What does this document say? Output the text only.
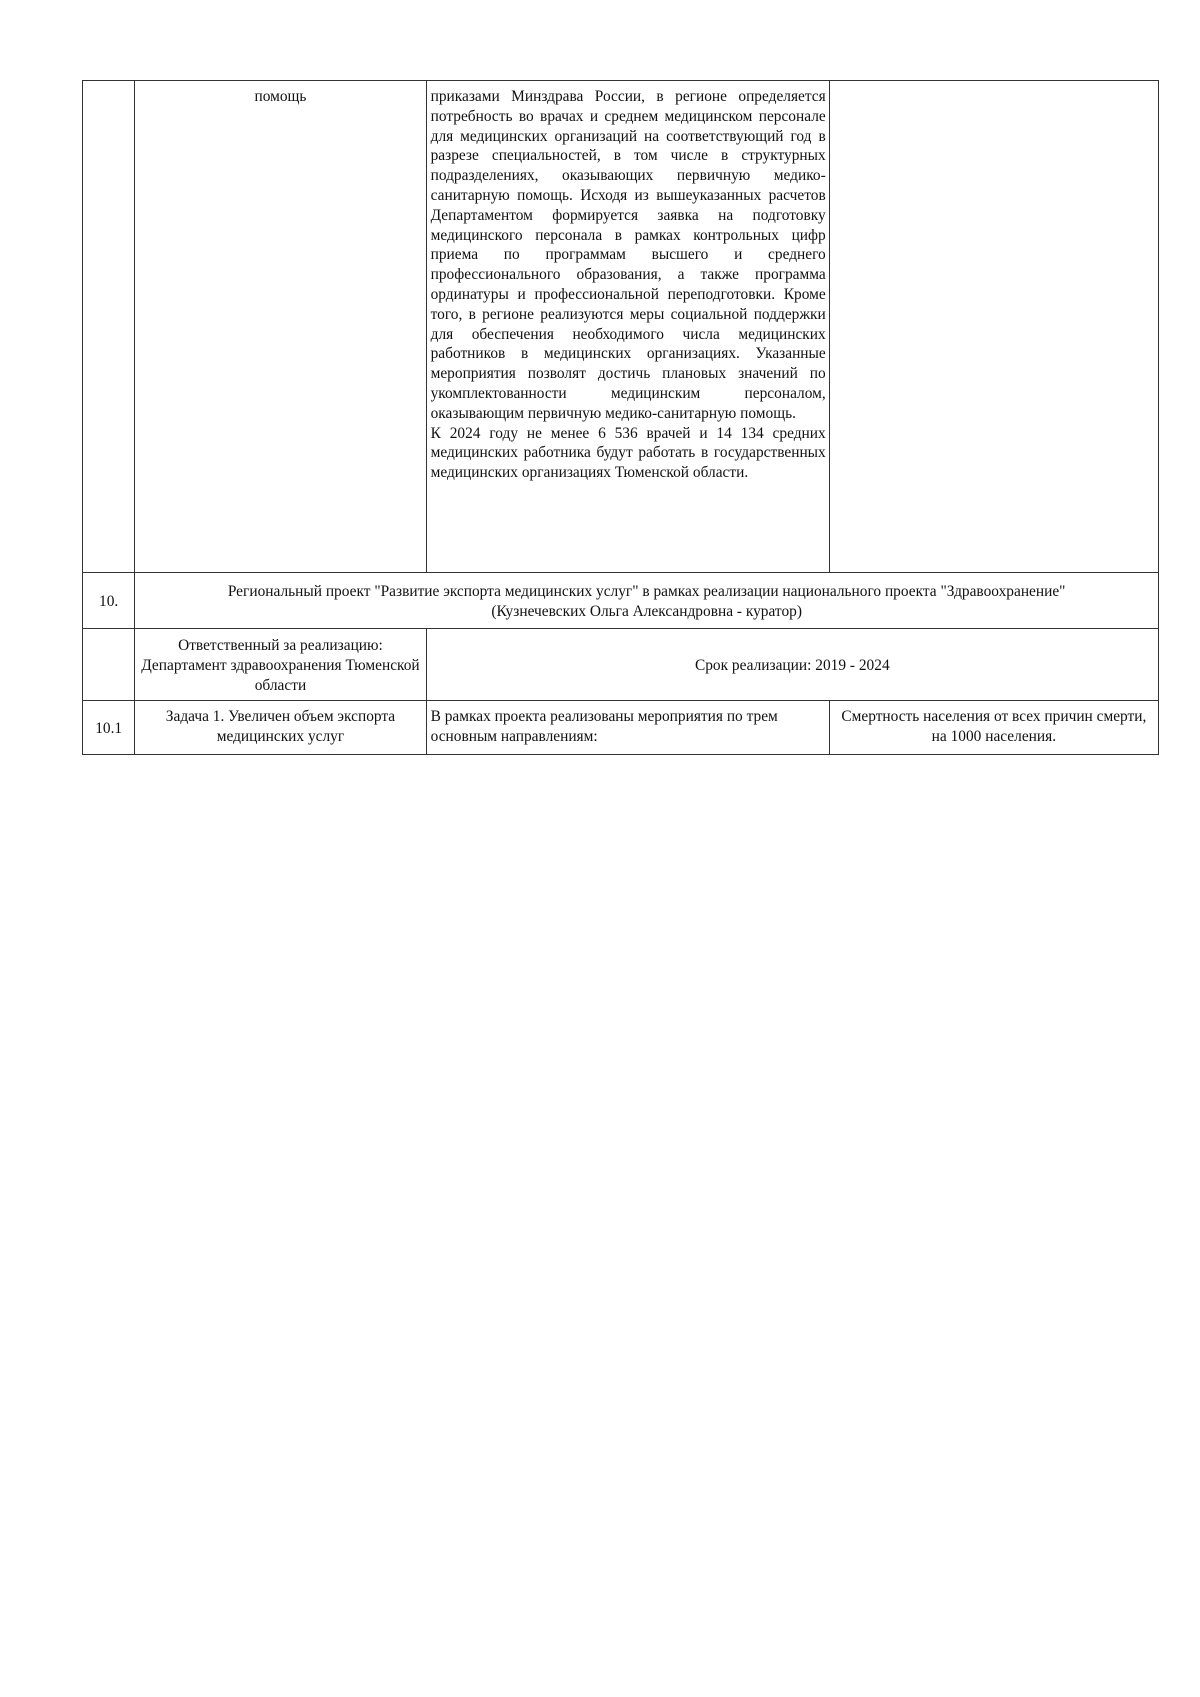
	помощь	приказами Минздрава России, в регионе определяется потребность во врачах и среднем медицинском персонале для медицинских организаций на соответствующий год в разрезе специальностей, в том числе в структурных подразделениях, оказывающих первичную медико-санитарную помощь. Исходя из вышеуказанных расчетов Департаментом формируется заявка на подготовку медицинского персонала в рамках контрольных цифр приема по программам высшего и среднего профессионального образования, а также программа ординатуры и профессиональной переподготовки. Кроме того, в регионе реализуются меры социальной поддержки для обеспечения необходимого числа медицинских работников в медицинских организациях. Указанные мероприятия позволят достичь плановых значений по укомплектованности медицинским персоналом, оказывающим первичную медико-санитарную помощь.

К 2024 году не менее 6 536 врачей и 14 134 средних медицинских работника будут работать в государственных медицинских организациях Тюменской области.	

10.	Региональный проект "Развитие экспорта медицинских услуг" в рамках реализации национального проекта "Здравоохранение"
(Кузнечевских Ольга Александровна - куратор)		

	Ответственный за реализацию: Департамент здравоохранения Тюменской области	Срок реализации: 2019 - 2024	
10.1	Задача 1. Увеличен объем экспорта медицинских услуг	В рамках проекта реализованы мероприятия по трем основным направлениям:	Смертность населения от всех причин смерти, на 1000 населения.
